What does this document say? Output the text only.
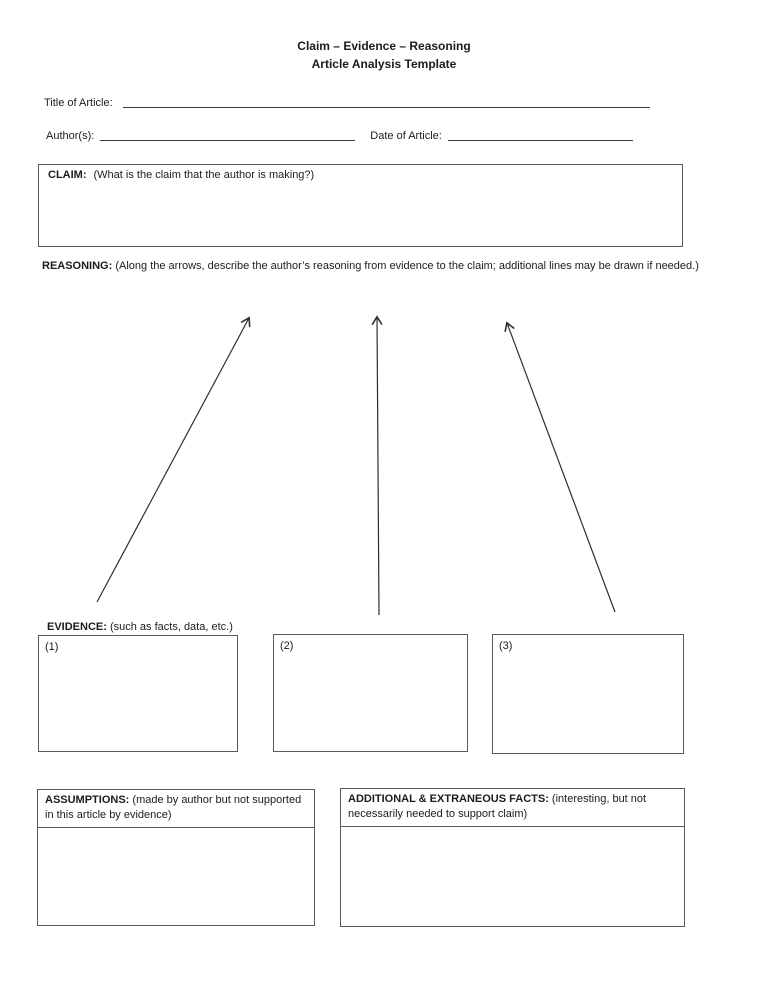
Claim – Evidence – Reasoning
Article Analysis Template
Title of Article:
Author(s):	Date of Article:
CLAIM: (What is the claim that the author is making?)
REASONING: (Along the arrows, describe the author’s reasoning from evidence to the claim; additional lines may be drawn if needed.)
EVIDENCE: (such as facts, data, etc.)
(1)	(2)	(3)
ASSUMPTIONS: (made by author but not supported in this article by evidence)
ADDITIONAL & EXTRANEOUS FACTS: (interesting, but not necessarily needed to support claim)
